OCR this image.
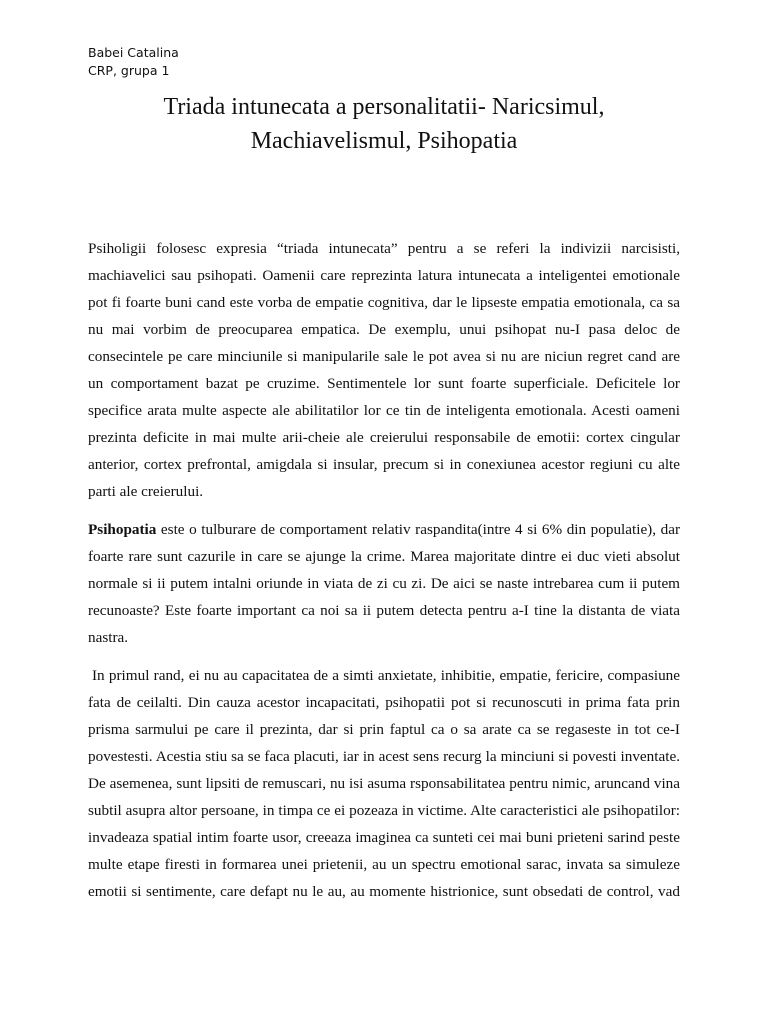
Babei Catalina
CRP, grupa 1
Triada intunecata a personalitatii- Naricsimul,
Machiavelismul, Psihopatia
Psiholigii folosesc expresia “triada intunecata” pentru a se referi la indivizii narcisisti,
machiavelici sau psihopati. Oamenii care reprezinta latura intunecata a inteligentei emotionale
pot fi foarte buni cand este vorba de empatie cognitiva, dar le lipseste empatia emotionala, ca sa
nu mai vorbim de preocuparea empatica. De exemplu, unui psihopat nu-I pasa deloc de
consecintele pe care minciunile si manipularile sale le pot avea si nu are niciun regret cand are
un comportament bazat pe cruzime. Sentimentele lor sunt foarte superficiale. Deficitele lor
specifice arata multe aspecte ale abilitatilor lor ce tin de inteligenta emotionala. Acesti oameni
prezinta deficite in mai multe arii-cheie ale creierului responsabile de emotii: cortex cingular
anterior, cortex prefrontal, amigdala si insular, precum si in conexiunea acestor regiuni cu alte
parti ale creierului.
Psihopatia este o tulburare de comportament relativ raspandita(intre 4 si 6% din populatie), dar
foarte rare sunt cazurile in care se ajunge la crime. Marea majoritate dintre ei duc vieti absolut
normale si ii putem intalni oriunde in viata de zi cu zi. De aici se naste intrebarea cum ii putem
recunoaste? Este foarte important ca noi sa ii putem detecta pentru a-I tine la distanta de viata
nastra.
In primul rand, ei nu au capacitatea de a simti anxietate, inhibitie, empatie, fericire, compasiune
fata de ceilalti. Din cauza acestor incapacitati, psihopatii pot si recunoscuti in prima fata prin
prisma sarmului pe care il prezinta, dar si prin faptul ca o sa arate ca se regaseste in tot ce-I
povestesti. Acestia stiu sa se faca placuti, iar in acest sens recurg la minciuni si povesti inventate.
De asemenea, sunt lipsiti de remuscari, nu isi asuma rsponsabilitatea pentru nimic, aruncand vina
subtil asupra altor persoane, in timpa ce ei pozeaza in victime. Alte caracteristici ale psihopatilor:
invadeaza spatial intim foarte usor, creeaza imaginea ca sunteti cei mai buni prieteni sarind peste
multe etape firesti in formarea unei prietenii, au un spectru emotional sarac, invata sa simuleze
emotii si sentimente, care defapt nu le au, au momente histrionice, sunt obsedati de control, vad
